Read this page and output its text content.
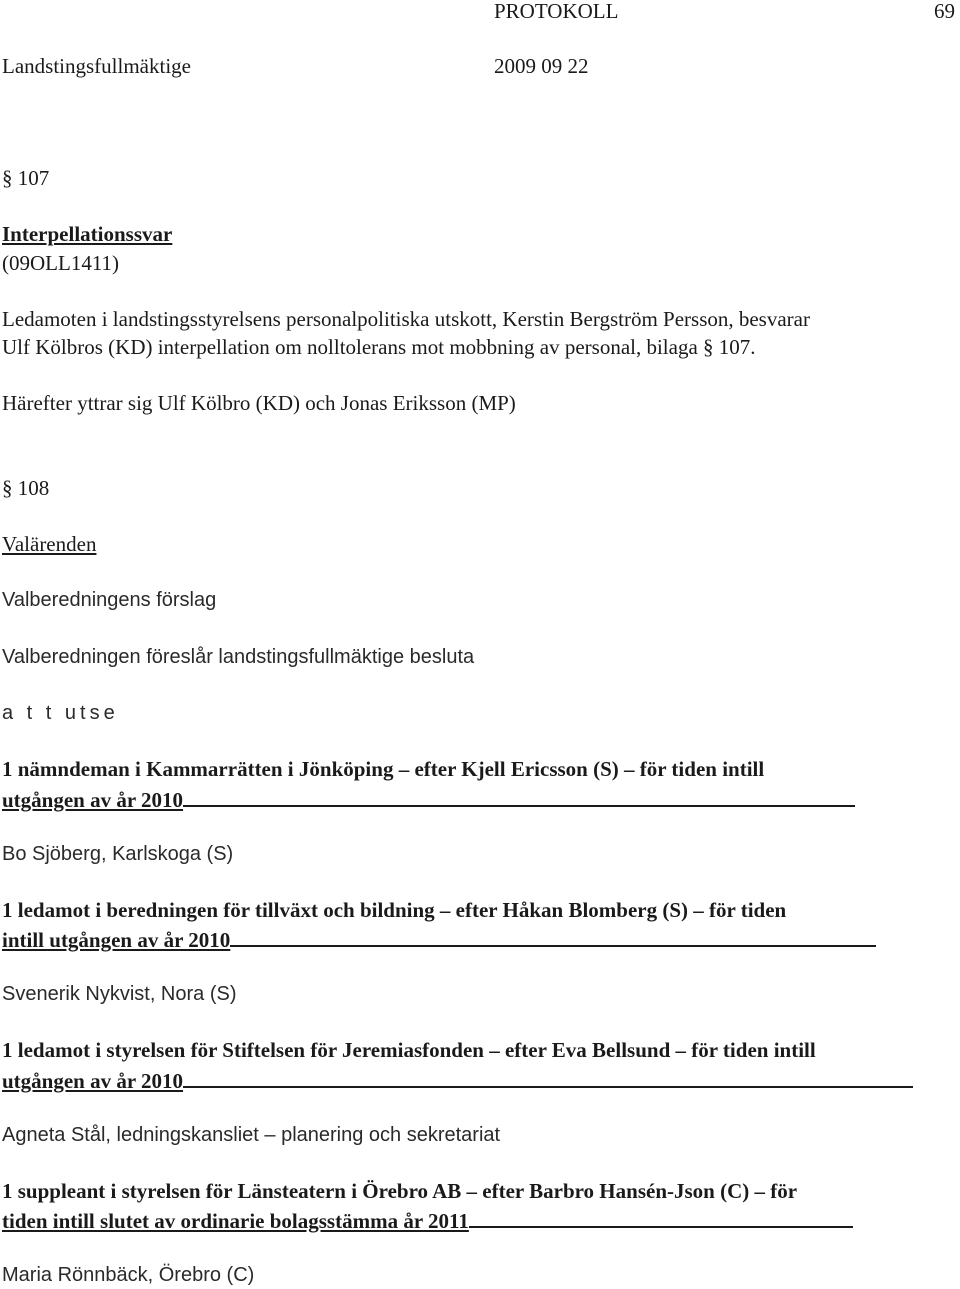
PROTOKOLL	69
Landstingsfullmäktige	2009 09 22
§ 107
Interpellationssvar
(09OLL1411)
Ledamoten i landstingsstyrelsens personalpolitiska utskott, Kerstin Bergström Persson, besvarar
Ulf Kölbros (KD) interpellation om nolltolerans mot mobbning av personal, bilaga § 107.
Härefter yttrar sig Ulf Kölbro (KD) och Jonas Eriksson (MP)
§ 108
Valärenden
Valberedningens förslag
Valberedningen föreslår landstingsfullmäktige besluta
a t t utse
1 nämndeman i Kammarrätten i Jönköping – efter Kjell Ericsson (S) – för tiden intill
utgången av år 2010
Bo Sjöberg, Karlskoga (S)
1 ledamot i beredningen för tillväxt och bildning – efter Håkan Blomberg (S) – för tiden
intill utgången av år 2010
Svenerik Nykvist, Nora (S)
1 ledamot i styrelsen för Stiftelsen för Jeremiasfonden – efter Eva Bellsund – för tiden intill
utgången av år 2010
Agneta Stål, ledningskansliet – planering och sekretariat
1 suppleant i styrelsen för Länsteatern i Örebro AB – efter Barbro Hansén-Json (C) – för
tiden intill slutet av ordinarie bolagsstämma år 2011
Maria Rönnbäck, Örebro (C)
